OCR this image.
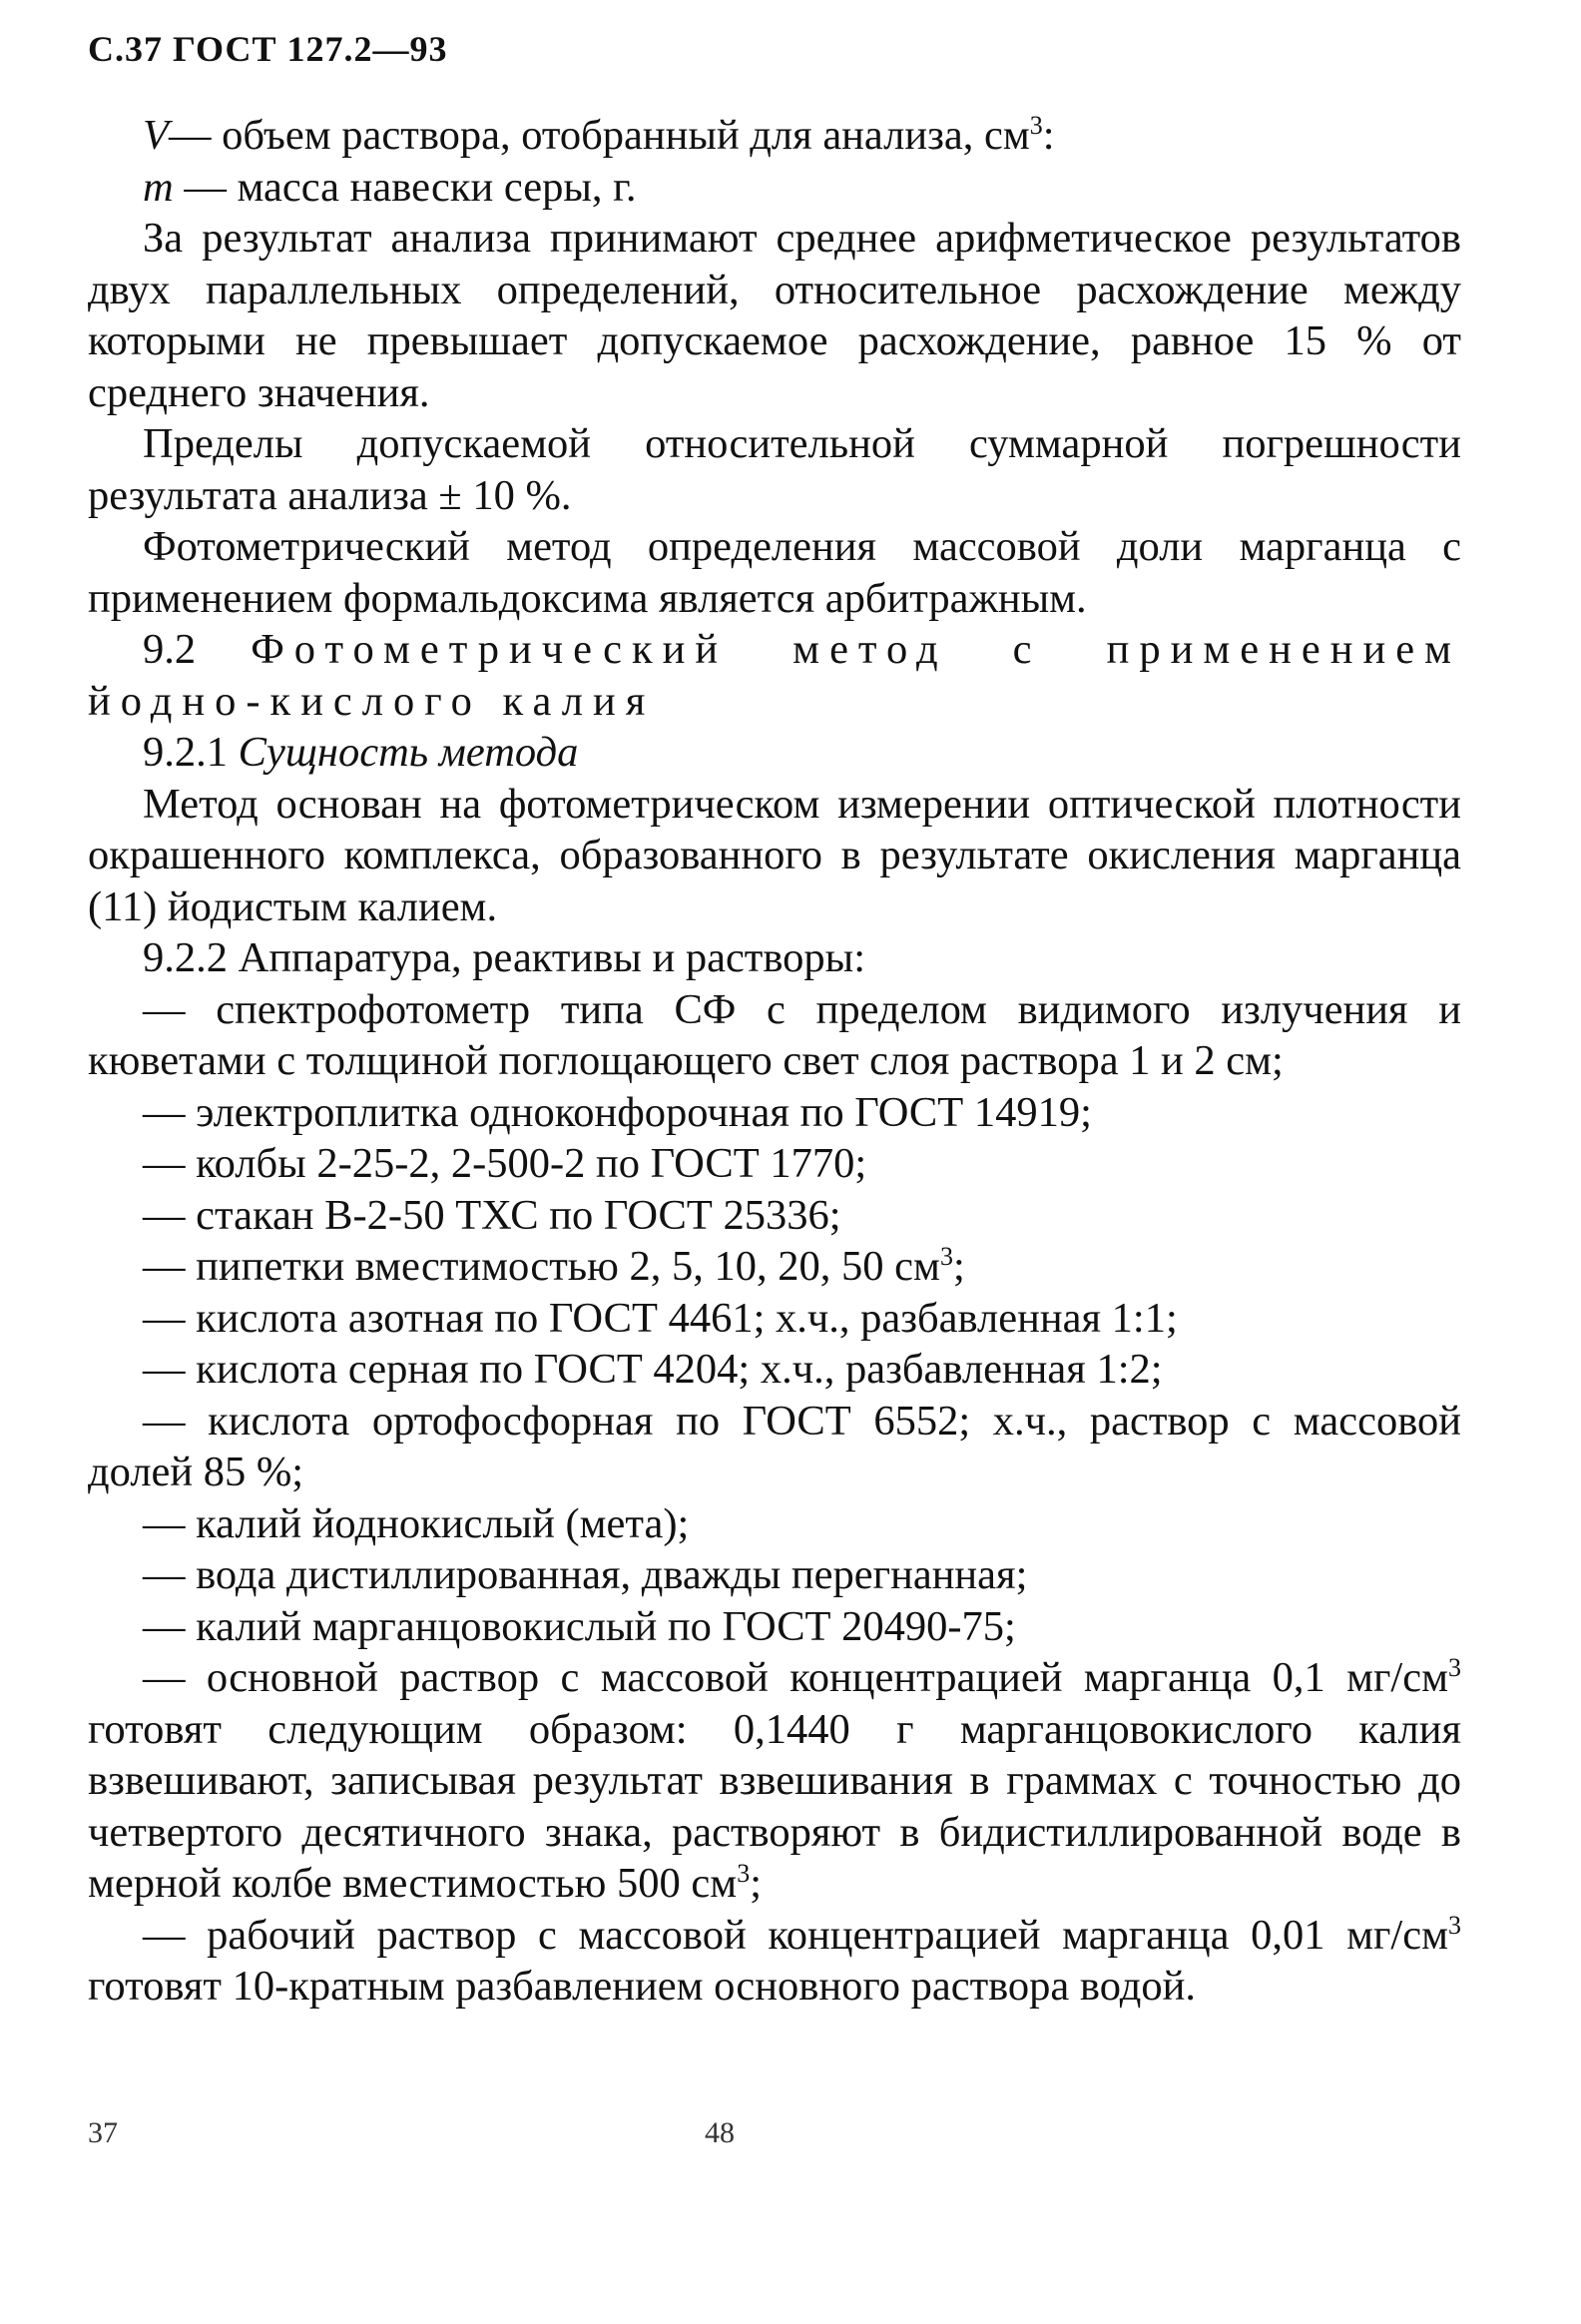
С.37 ГОСТ 127.2—93

V— объем раствора, отобранный для анализа, $см^3$:

m — масса навески серы, г.

За результат анализа принимают среднее арифметическое результатов двух параллельных определений, относительное расхождение между которыми не превышает допускаемое расхождение, равное 15 % от среднего значения.

Пределы допускаемой относительной суммарной погрешности результата анализа ± 10 %.

Фотометрический метод определения массовой доли марганца с применением формальдоксима является арбитражным.

9.2 Фотометрический метод с применением йодно-кислого калия

9.2.1 Сущность метода

Метод основан на фотометрическом измерении оптической плотности окрашенного комплекса, образованного в результате окисления марганца (11) йодистым калием.

9.2.2 Аппаратура, реактивы и растворы:

— спектрофотометр типа СФ с пределом видимого излучения и кюветами с толщиной поглощающего свет слоя раствора 1 и 2 см;

— электроплитка одноконфорочная по ГОСТ 14919;

— колбы 2-25-2, 2-500-2 по ГОСТ 1770;

— стакан В-2-50 ТХС по ГОСТ 25336;

— пипетки вместимостью 2, 5, 10, 20, 50 $см^3$;

— кислота азотная по ГОСТ 4461; х.ч., разбавленная 1:1;

— кислота серная по ГОСТ 4204; х.ч., разбавленная 1:2;

— кислота ортофосфорная по ГОСТ 6552; х.ч., раствор с массовой долей 85 %;

— калий йоднокислый (мета);

— вода дистиллированная, дважды перегнанная;

— калий марганцовокислый по ГОСТ 20490-75;

— основной раствор с массовой концентрацией марганца 0,1 $мг/см^3$ готовят следующим образом: 0,1440 г марганцовокислого калия взвешивают, записывая результат взвешивания в граммах с точностью до четвертого десятичного знака, растворяют в бидистиллированной воде в мерной колбе вместимостью 500 $см^3$;

— рабочий раствор с массовой концентрацией марганца 0,01 $мг/см^3$ готовят 10-кратным разбавлением основного раствора водой.

37	48
